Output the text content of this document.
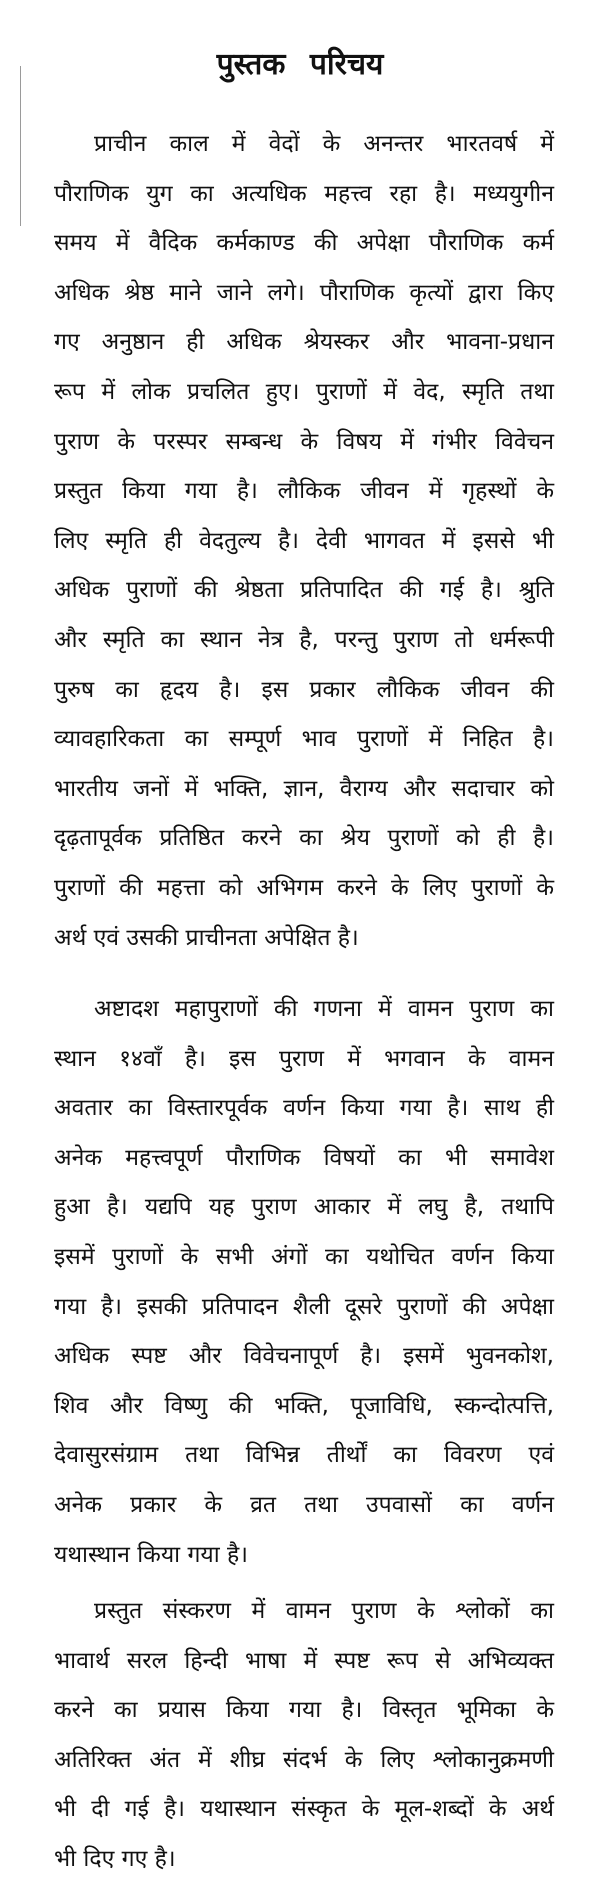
पुस्तक परिचय
प्राचीन काल में वेदों के अनन्तर भारतवर्ष में
पौराणिक युग का अत्यधिक महत्त्व रहा है। मध्ययुगीन
समय में वैदिक कर्मकाण्ड की अपेक्षा पौराणिक कर्म
अधिक श्रेष्ठ माने जाने लगे। पौराणिक कृत्यों द्वारा किए
गए अनुष्ठान ही अधिक श्रेयस्कर और भावना-प्रधान
रूप में लोक प्रचलित हुए। पुराणों में वेद, स्मृति तथा
पुराण के परस्पर सम्बन्ध के विषय में गंभीर विवेचन
प्रस्तुत किया गया है। लौकिक जीवन में गृहस्थों के
लिए स्मृति ही वेदतुल्य है। देवी भागवत में इससे भी
अधिक पुराणों की श्रेष्ठता प्रतिपादित की गई है। श्रुति
और स्मृति का स्थान नेत्र है, परन्तु पुराण तो धर्मरूपी
पुरुष का हृदय है। इस प्रकार लौकिक जीवन की
व्यावहारिकता का सम्पूर्ण भाव पुराणों में निहित है।
भारतीय जनों में भक्ति, ज्ञान, वैराग्य और सदाचार को
दृढ़तापूर्वक प्रतिष्ठित करने का श्रेय पुराणों को ही है।
पुराणों की महत्ता को अभिगम करने के लिए पुराणों के
अर्थ एवं उसकी प्राचीनता अपेक्षित है।
अष्टादश महापुराणों की गणना में वामन पुराण का
स्थान १४वाँ है। इस पुराण में भगवान के वामन
अवतार का विस्तारपूर्वक वर्णन किया गया है। साथ ही
अनेक महत्त्वपूर्ण पौराणिक विषयों का भी समावेश
हुआ है। यद्यपि यह पुराण आकार में लघु है, तथापि
इसमें पुराणों के सभी अंगों का यथोचित वर्णन किया
गया है। इसकी प्रतिपादन शैली दूसरे पुराणों की अपेक्षा
अधिक स्पष्ट और विवेचनापूर्ण है। इसमें भुवनकोश,
शिव और विष्णु की भक्ति, पूजाविधि, स्कन्दोत्पत्ति,
देवासुरसंग्राम तथा विभिन्न तीर्थों का विवरण एवं
अनेक प्रकार के व्रत तथा उपवासों का वर्णन
यथास्थान किया गया है।
प्रस्तुत संस्करण में वामन पुराण के श्लोकों का
भावार्थ सरल हिन्दी भाषा में स्पष्ट रूप से अभिव्यक्त
करने का प्रयास किया गया है। विस्तृत भूमिका के
अतिरिक्त अंत में शीघ्र संदर्भ के लिए श्लोकानुक्रमणी
भी दी गई है। यथास्थान संस्कृत के मूल-शब्दों के अर्थ
भी दिए गए है।
